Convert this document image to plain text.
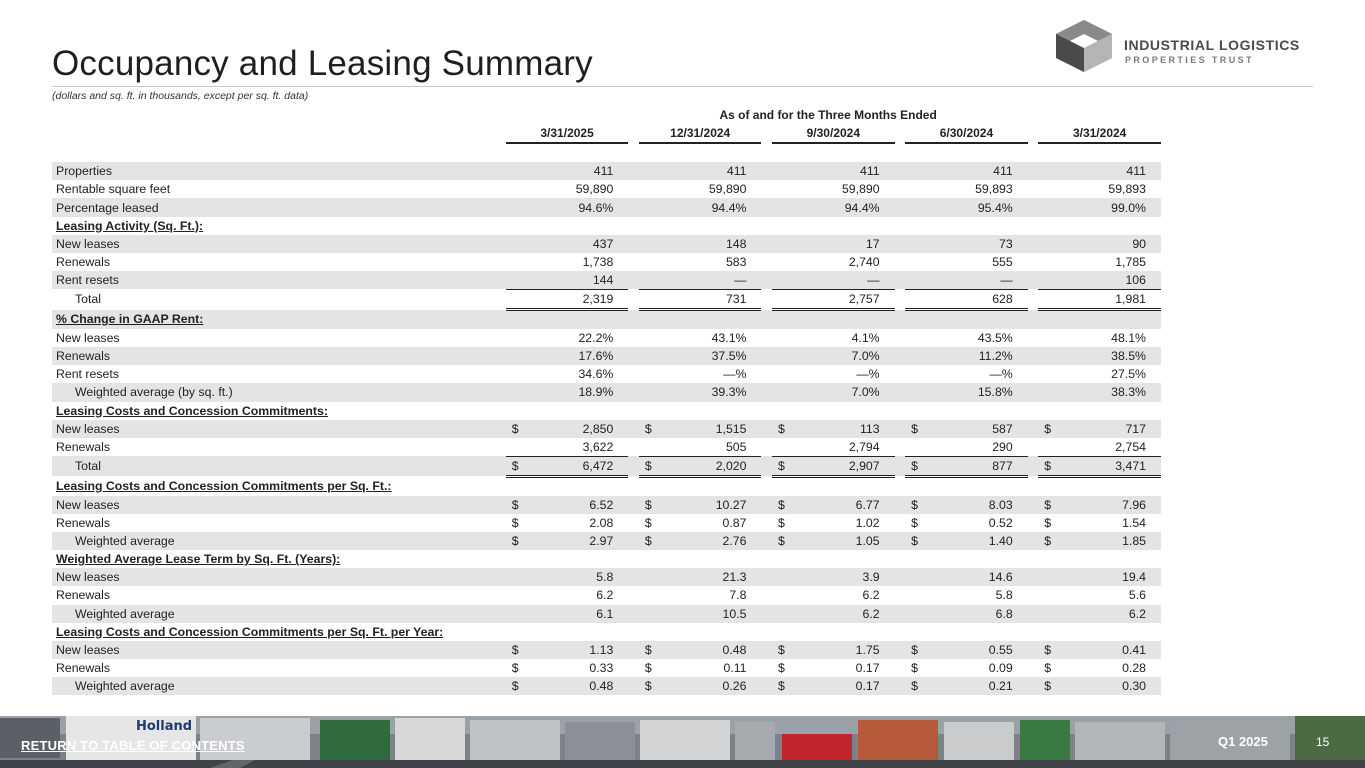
Occupancy and Leasing Summary
(dollars and sq. ft. in thousands, except per sq. ft. data)
INDUSTRIAL LOGISTICS
PROPERTIES TRUST
	As of and for the Three Months Ended														
		3/31/2025			12/31/2024			9/30/2024			6/30/2024			3/31/2024	

Properties			411			411			411			411			411
Rentable square feet			59,890			59,890			59,890			59,893			59,893
Percentage leased			94.6%			94.4%			94.4%			95.4%			99.0%
Leasing Activity (Sq. Ft.):															
New leases			437			148			17			73			90
Renewals			1,738			583			2,740			555			1,785
Rent resets			144			—			—			—			106
Total			2,319			731			2,757			628			1,981
% Change in GAAP Rent:															
New leases			22.2%			43.1%			4.1%			43.5%			48.1%
Renewals			17.6%			37.5%			7.0%			11.2%			38.5%
Rent resets			34.6%			—%			—%			—%			27.5%
Weighted average (by sq. ft.)			18.9%			39.3%			7.0%			15.8%			38.3%
Leasing Costs and Concession Commitments:															
New leases		$	2,850		$	1,515		$	113		$	587		$	717
Renewals			3,622			505			2,794			290			2,754
Total		$	6,472		$	2,020		$	2,907		$	877		$	3,471
Leasing Costs and Concession Commitments per Sq. Ft.:															
New leases		$	6.52		$	10.27		$	6.77		$	8.03		$	7.96
Renewals		$	2.08		$	0.87		$	1.02		$	0.52		$	1.54
Weighted average		$	2.97		$	2.76		$	1.05		$	1.40		$	1.85
Weighted Average Lease Term by Sq. Ft. (Years):															
New leases			5.8			21.3			3.9			14.6			19.4
Renewals			6.2			7.8			6.2			5.8			5.6
Weighted average			6.1			10.5			6.2			6.8			6.2
Leasing Costs and Concession Commitments per Sq. Ft. per Year:															
New leases		$	1.13		$	0.48		$	1.75		$	0.55		$	0.41
Renewals		$	0.33		$	0.11		$	0.17		$	0.09		$	0.28
Weighted average		$	0.48		$	0.26		$	0.17		$	0.21		$	0.30
Holland
RETURN TO TABLE OF CONTENTS	Q1 2025	15
